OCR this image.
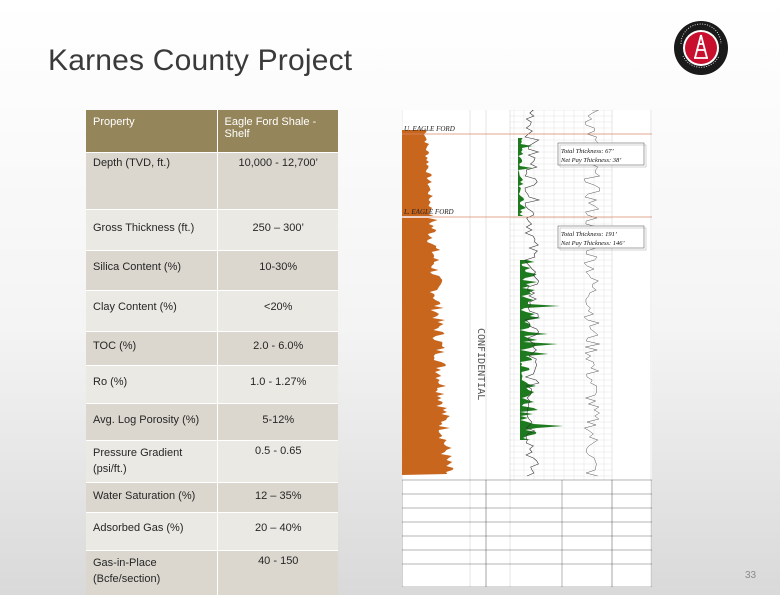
Karnes County Project
Property	Eagle Ford Shale - Shelf
Depth (TVD, ft.)	10,000 - 12,700’
Gross Thickness (ft.)	250 – 300’
Silica Content (%)	10-30%
Clay Content (%)	<20%
TOC (%)	2.0 - 6.0%
Ro (%)	1.0 - 1.27%
Avg. Log Porosity (%)	5-12%
Pressure Gradient (psi/ft.)	0.5 - 0.65
Water Saturation (%)	12 – 35%
Adsorbed Gas (%)	20 – 40%
Gas-in-Place (Bcfe/section)	40 - 150
U. EAGLE FORD
L. EAGLE FORD
CONFIDENTIAL
Total Thickness: 67’
Net Pay Thickness: 38’
Total Thickness: 191’
Net Pay Thickness: 146’
33
